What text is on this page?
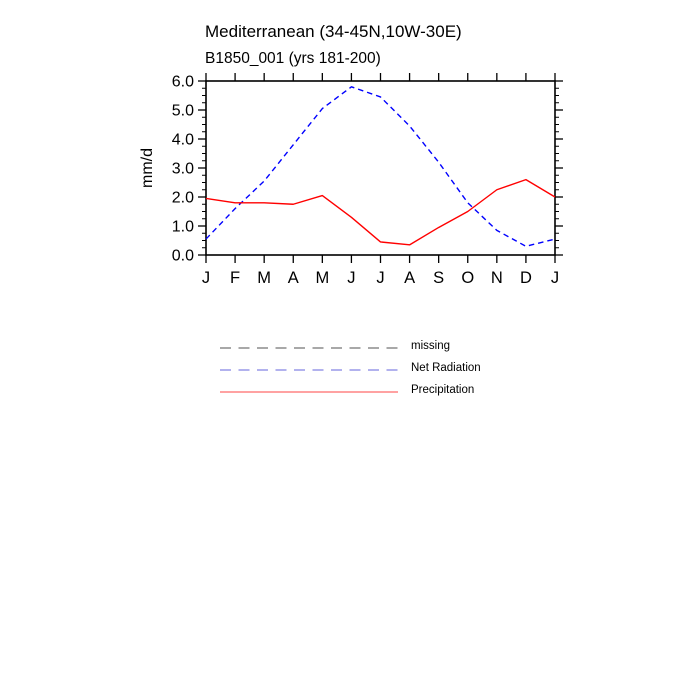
Mediterranean (34-45N,10W-30E)
B1850_001 (yrs 181-200)
mm/d
J F M A M J J A S O N D J
0.0
1.0
2.0
3.0
4.0
5.0
6.0
missing
Net Radiation
Precipitation
